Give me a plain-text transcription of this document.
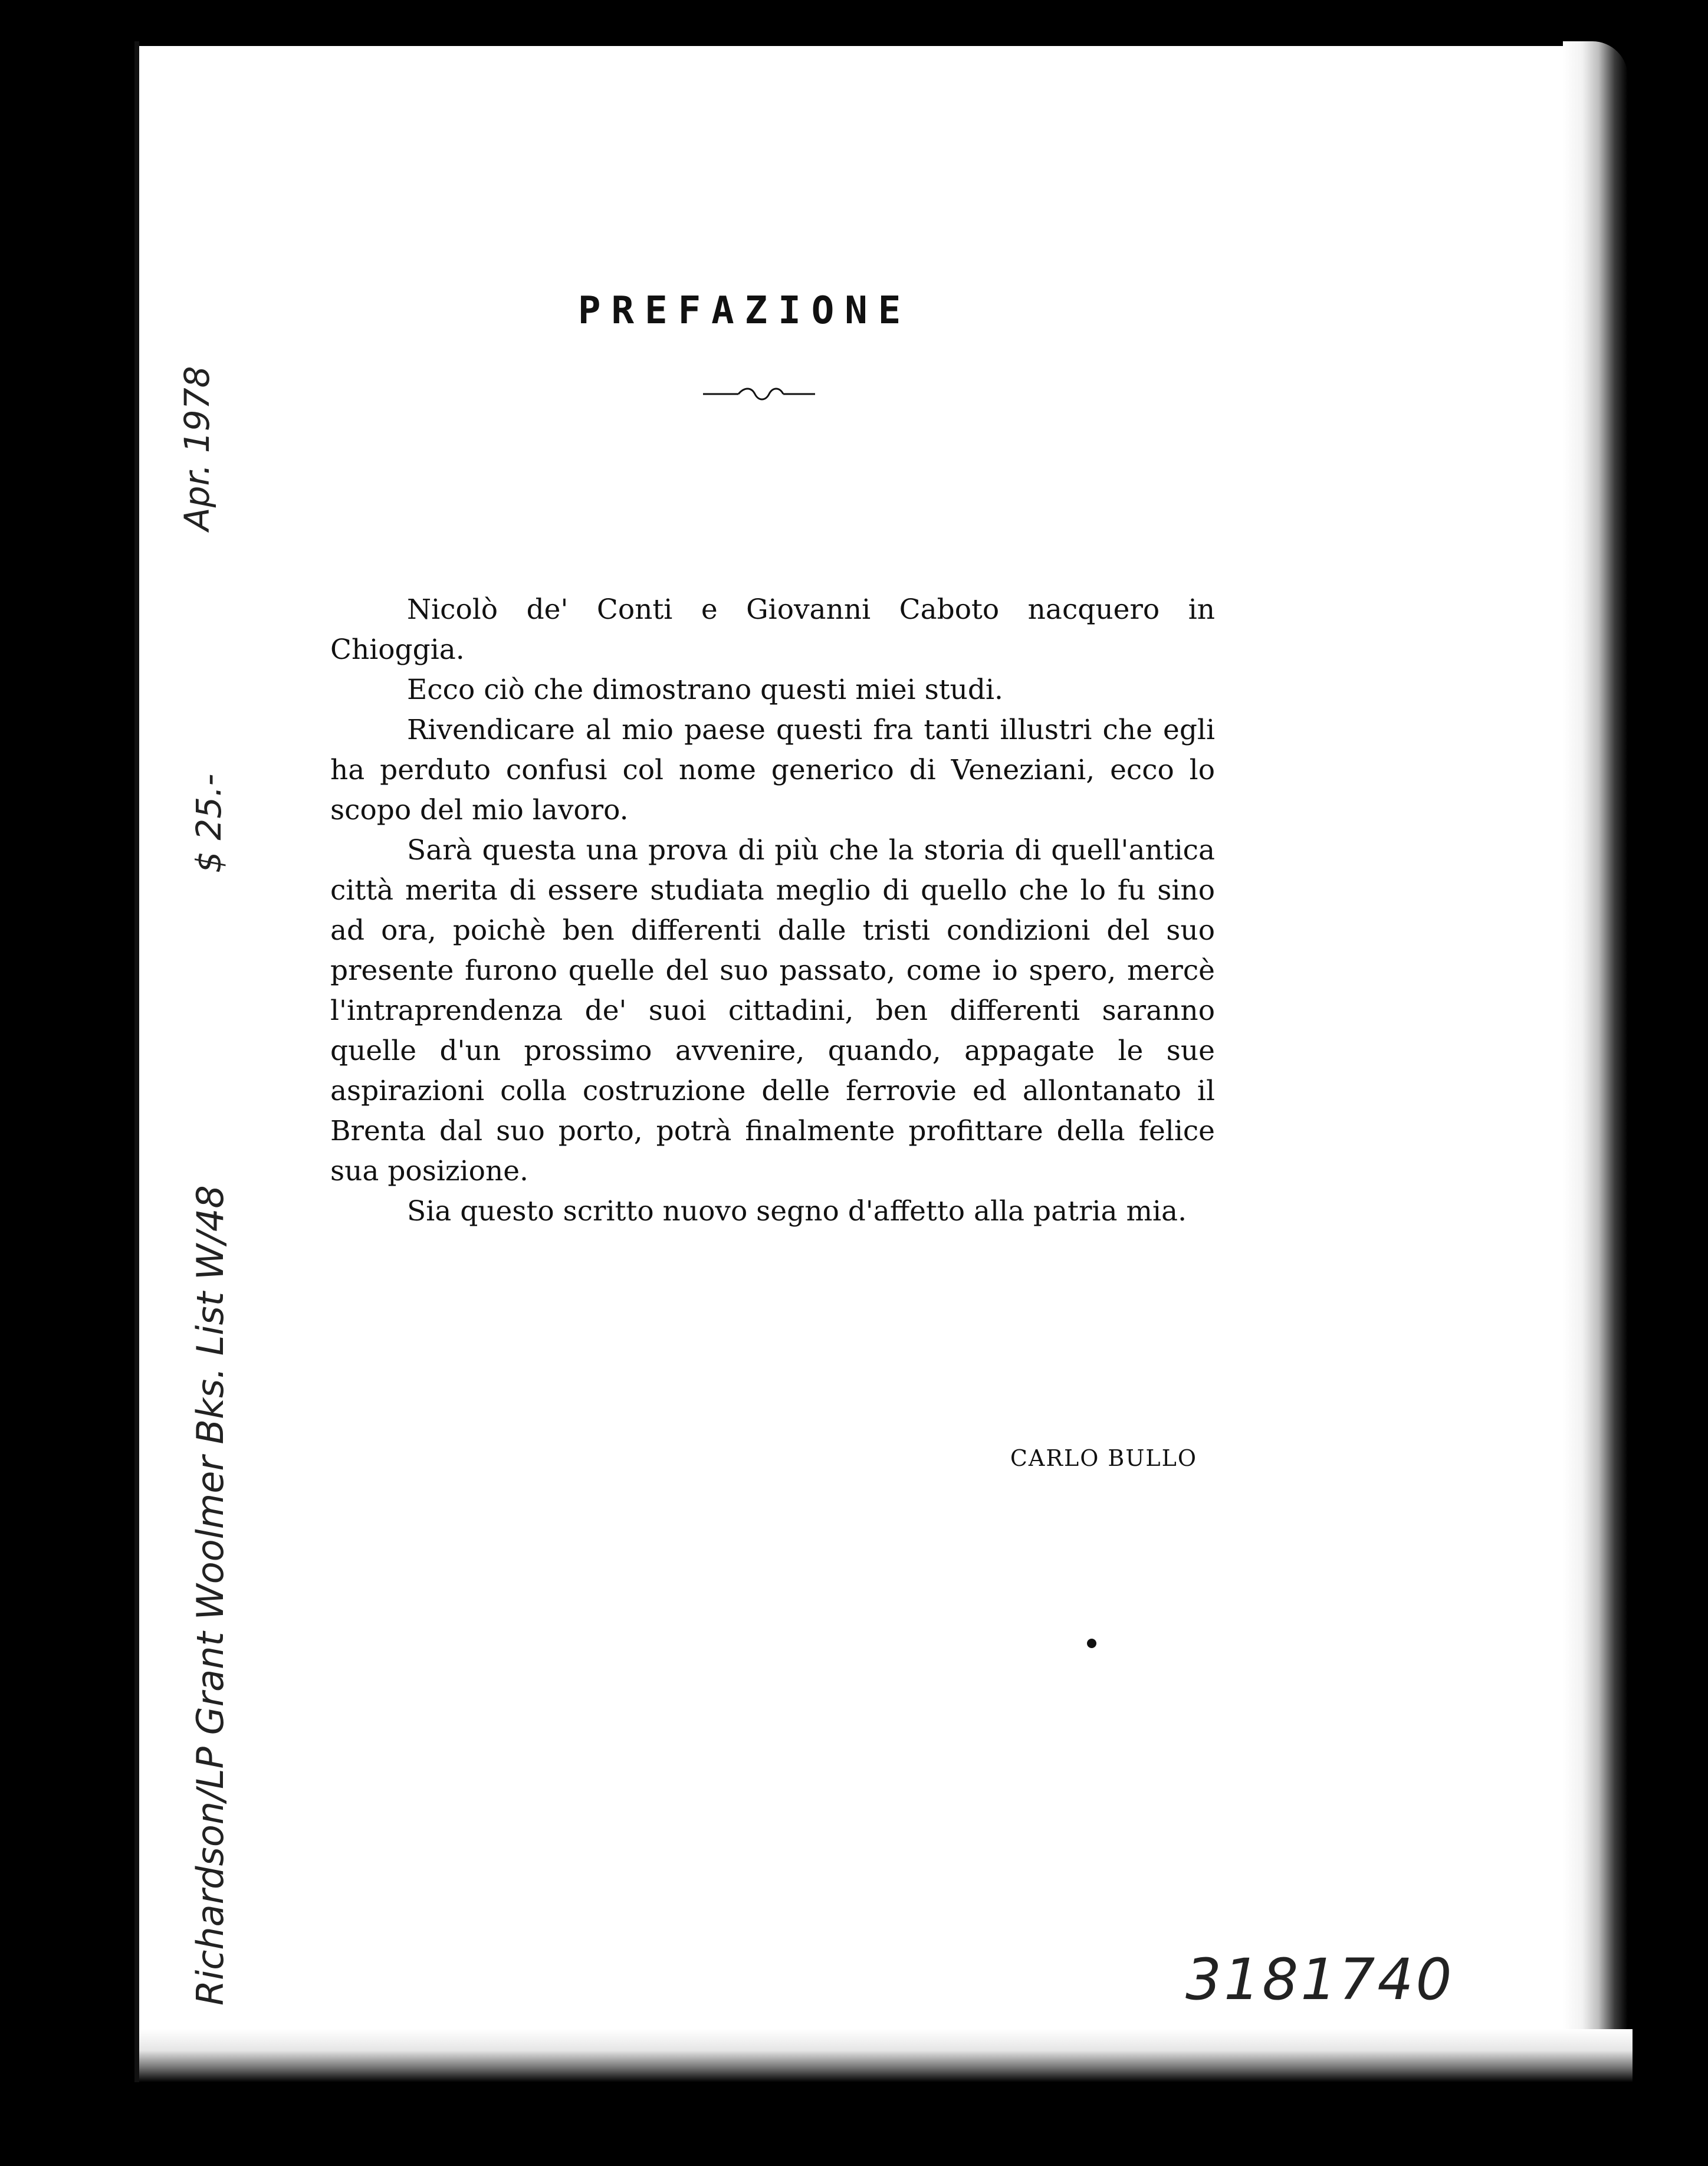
PREFAZIONE

Nicolò de' Conti e Giovanni Caboto nacquero in Chioggia.

Ecco ciò che dimostrano questi miei studi.

Rivendicare al mio paese questi fra tanti illustri che egli ha perduto confusi col nome generico di Veneziani, ecco lo scopo del mio lavoro.

Sarà questa una prova di più che la storia di quell'antica città merita di essere studiata meglio di quello che lo fu sino ad ora, poichè ben differenti dalle tristi condizioni del suo presente furono quelle del suo passato, come io spero, mercè l'intraprendenza de' suoi cittadini, ben differenti saranno quelle d'un prossimo avvenire, quando, appagate le sue aspirazioni colla costruzione delle ferrovie ed allontanato il Brenta dal suo porto, potrà finalmente profittare della felice sua posizione.

Sia questo scritto nuovo segno d'affetto alla patria mia.

CARLO BULLO
Apr. 1978
$ 25.-
Richardson/LP Grant Woolmer Bks. List W/48	3181740
